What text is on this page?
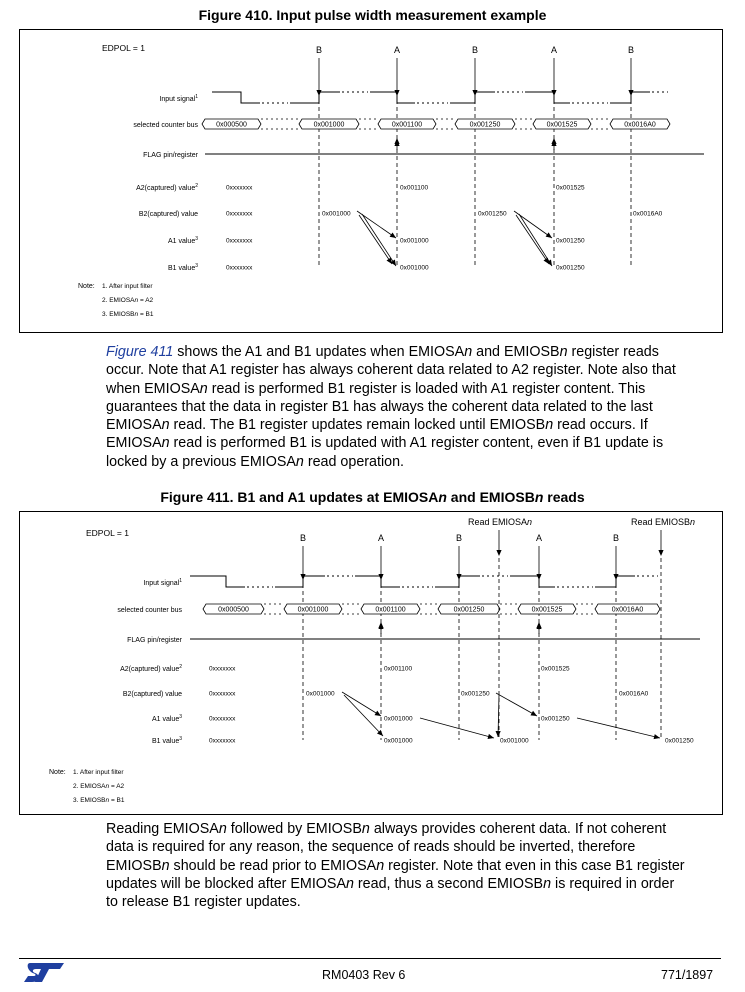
Figure 410. Input pulse width measurement example
EDPOL = 1	B	A	B	A	B
Input signal$^1$
selected counter bus
FLAG pin/register
A2(captured) value$^2$
B2(captured) value
A1 value$^3$
B1 value$^3$
0x000500	0x001000	0x001100	0x001250	0x001525	0x0016A0
0xxxxxxx
0xxxxxxx
0xxxxxxx
0xxxxxxx
0x001100	0x001525
0x001000	0x001250	0x0016A0
0x001000	0x001250
0x001000	0x001250
Note: 1. After input filter
2. EMIOSAn = A2
3. EMIOSBn = B1

Figure 411 shows the A1 and B1 updates when EMIOSAn and EMIOSBn register reads
occur. Note that A1 register has always coherent data related to A2 register. Note also that
when EMIOSAn read is performed B1 register is loaded with A1 register content. This
guarantees that the data in register B1 has always the coherent data related to the last
EMIOSAn read. The B1 register updates remain locked until EMIOSBn read occurs. If
EMIOSAn read is performed B1 is updated with A1 register content, even if B1 update is
locked by a previous EMIOSAn read operation.

Figure 411. B1 and A1 updates at EMIOSAn and EMIOSBn reads
EDPOL = 1	B	A	B	A	B
Input signal$^1$
selected counter bus
FLAG pin/register
A2(captured) value$^2$
B2(captured) value
A1 value$^3$
B1 value$^3$
0x000500	0x001000	0x001100	0x001250	0x001525	0x0016A0
0xxxxxxx
0xxxxxxx
0xxxxxxx
0xxxxxxx
0x001100	0x001525
0x001000	0x001250	0x0016A0
0x001000	0x001250
0x001000	0x001000	0x001250
Note: 1. After input filter
2. EMIOSAn = A2
3. EMIOSBn = B1
Read EMIOSAn	Read EMIOSBn

Reading EMIOSAn followed by EMIOSBn always provides coherent data. If not coherent
data is required for any reason, the sequence of reads should be inverted, therefore
EMIOSBn should be read prior to EMIOSAn register. Note that even in this case B1 register
updates will be blocked after EMIOSAn read, thus a second EMIOSBn is required in order
to release B1 register updates.

RM0403 Rev 6	771/1897
